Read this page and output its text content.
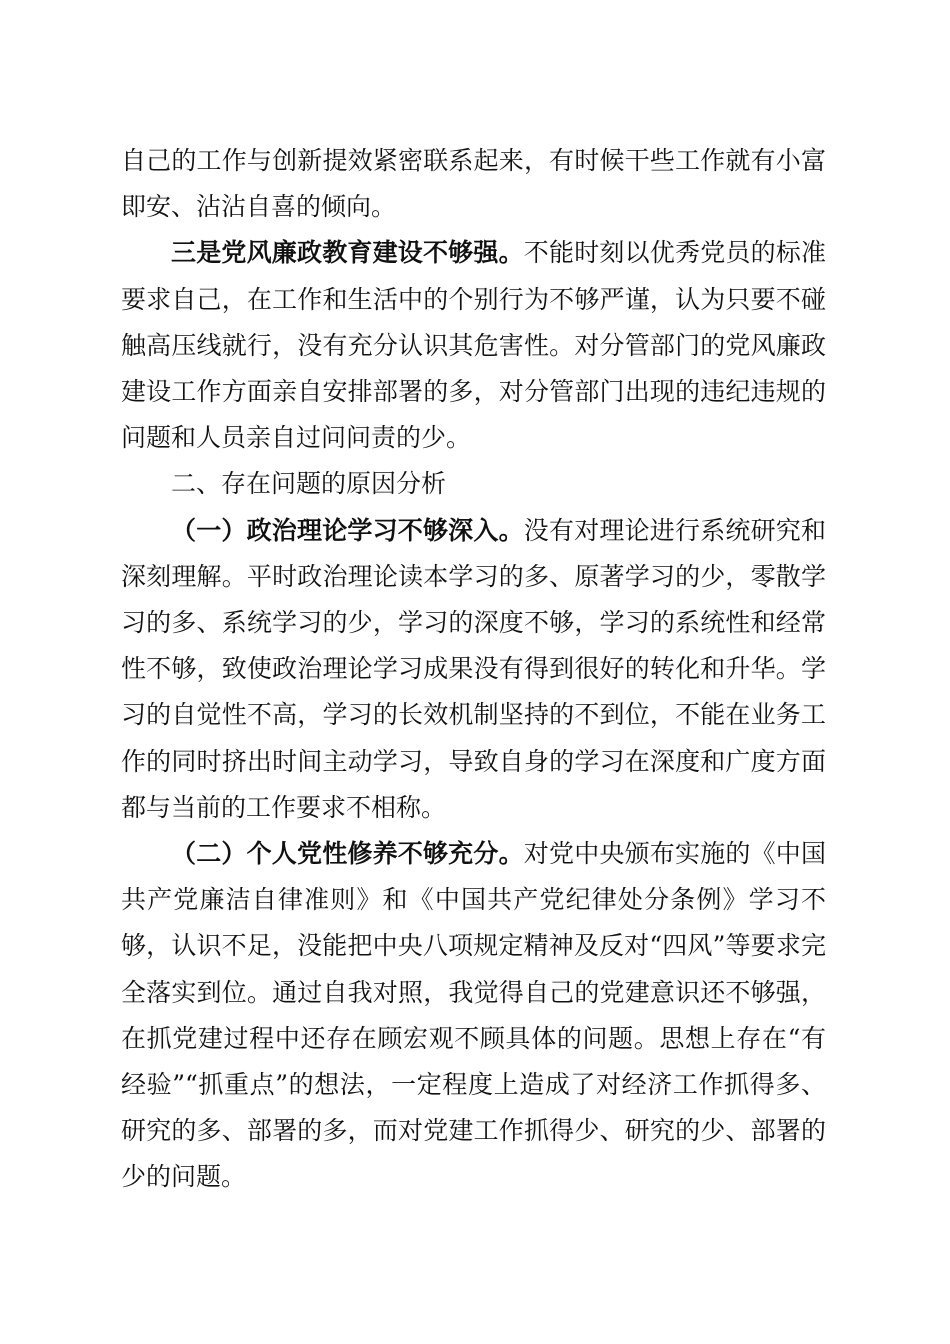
自己的工作与创新提效紧密联系起来，有时候干些工作就有小富即安、沾沾自喜的倾向。

三是党风廉政教育建设不够强。不能时刻以优秀党员的标准要求自己，在工作和生活中的个别行为不够严谨，认为只要不碰触高压线就行，没有充分认识其危害性。对分管部门的党风廉政建设工作方面亲自安排部署的多，对分管部门出现的违纪违规的问题和人员亲自过问问责的少。

二、存在问题的原因分析

（一）政治理论学习不够深入。没有对理论进行系统研究和深刻理解。平时政治理论读本学习的多、原著学习的少，零散学习的多、系统学习的少，学习的深度不够，学习的系统性和经常性不够，致使政治理论学习成果没有得到很好的转化和升华。学习的自觉性不高，学习的长效机制坚持的不到位，不能在业务工作的同时挤出时间主动学习，导致自身的学习在深度和广度方面都与当前的工作要求不相称。

（二）个人党性修养不够充分。对党中央颁布实施的《中国共产党廉洁自律准则》和《中国共产党纪律处分条例》学习不够，认识不足，没能把中央八项规定精神及反对“四风”等要求完全落实到位。通过自我对照，我觉得自己的党建意识还不够强，在抓党建过程中还存在顾宏观不顾具体的问题。思想上存在“有经验”“抓重点”的想法，一定程度上造成了对经济工作抓得多、研究的多、部署的多，而对党建工作抓得少、研究的少、部署的少的问题。
